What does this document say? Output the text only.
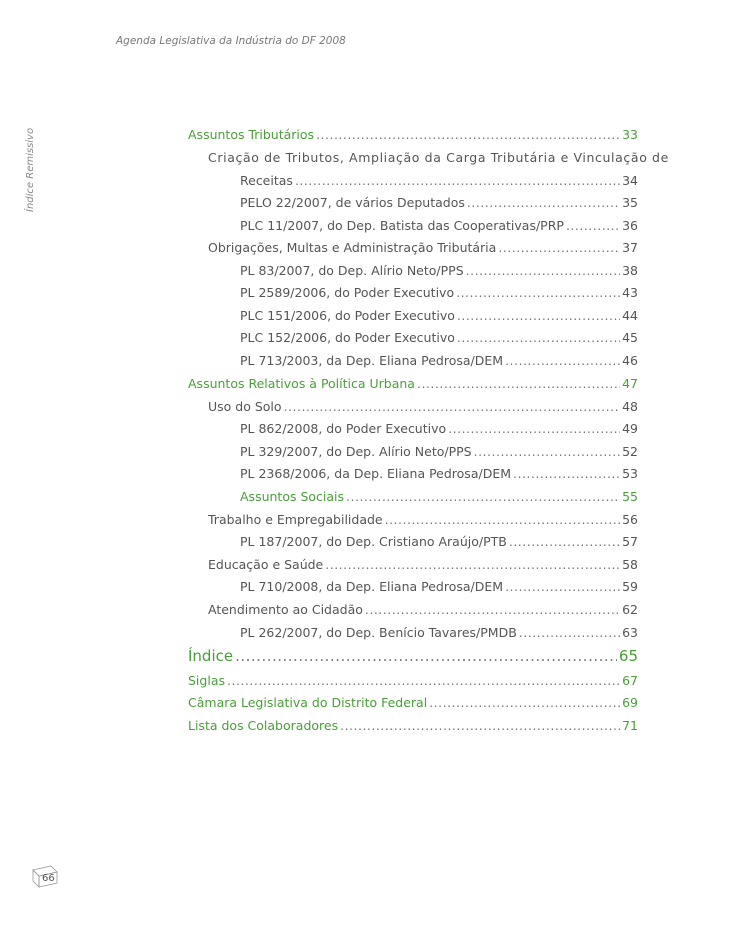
Agenda Legislativa da Indústria do DF 2008
Índice Remissivo	Assuntos Tributários .....	33
Criação de Tributos, Ampliação da Carga Tributária e Vinculação de
Receitas .....	34
PELO 22/2007, de vários Deputados .....	35
PLC 11/2007, do Dep. Batista das Cooperativas/PRP .....	36
Obrigações, Multas e Administração Tributária .....	37
PL 83/2007, do Dep. Alírio Neto/PPS .....	38
PL 2589/2006, do Poder Executivo .....	43
PLC 151/2006, do Poder Executivo .....	44
PLC 152/2006, do Poder Executivo .....	45
PL 713/2003, da Dep. Eliana Pedrosa/DEM .....	46
Assuntos Relativos à Política Urbana .....	47
Uso do Solo .....	48
PL 862/2008, do Poder Executivo .....	49
PL 329/2007, do Dep. Alírio Neto/PPS .....	52
PL 2368/2006, da Dep. Eliana Pedrosa/DEM .....	53
Assuntos Sociais .....	55
Trabalho e Empregabilidade .....	56
PL 187/2007, do Dep. Cristiano Araújo/PTB .....	57
Educação e Saúde .....	58
PL 710/2008, da Dep. Eliana Pedrosa/DEM .....	59
Atendimento ao Cidadão .....	62
PL 262/2007, do Dep. Benício Tavares/PMDB .....	63
Índice .....	65
Siglas .....	67
Câmara Legislativa do Distrito Federal .....	69
Lista dos Colaboradores .....	71
66
